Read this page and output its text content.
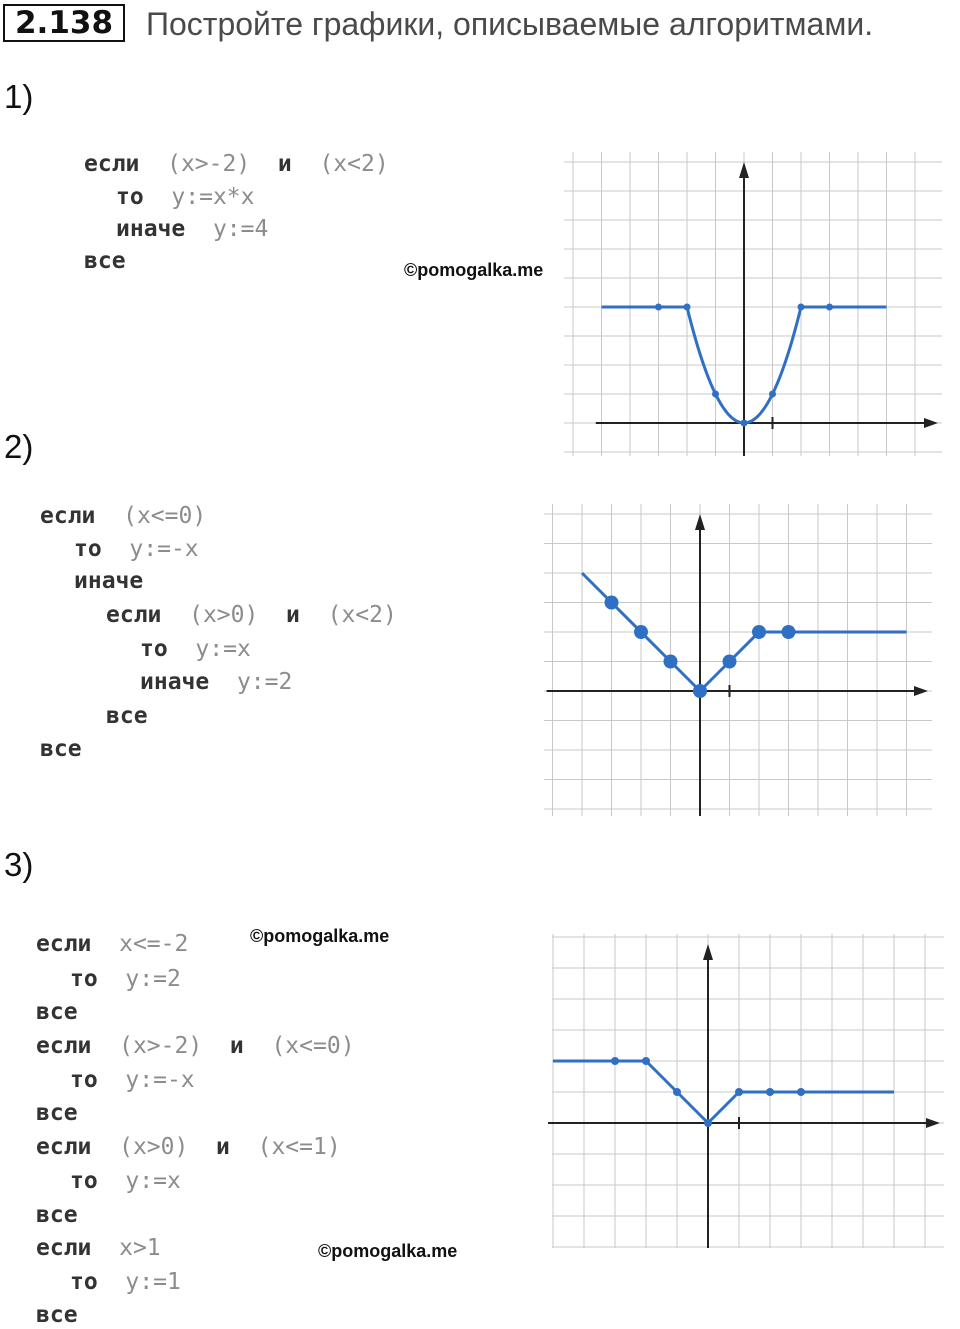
2.138	Постройте графики, описываемые алгоритмами.
1)
2)
3)
если (x>-2) и (x<2)
то y:=x*x
иначе y:=4
все
если (x<=0)
то y:=-x
иначе
если (x>0) и (x<2)
то y:=x
иначе y:=2
все
все
если x<=-2
то y:=2
все
если (x>-2) и (x<=0)
то y:=-x
все
если (x>0) и (x<=1)
то y:=x
все
если x>1
то y:=1
все
©pomogalka.me
©pomogalka.me
©pomogalka.me
